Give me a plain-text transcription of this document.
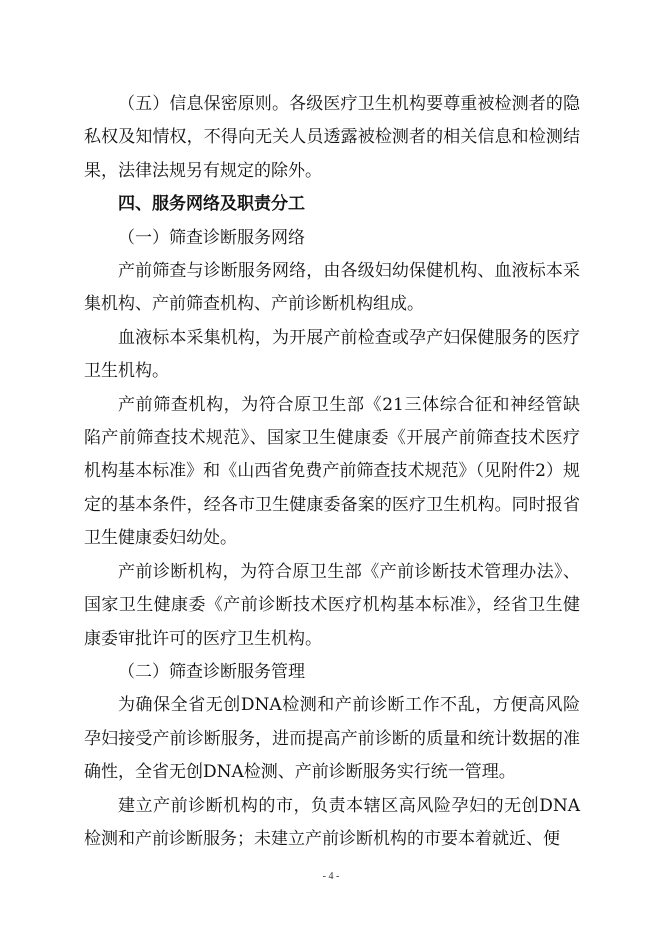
（五）信息保密原则。各级医疗卫生机构要尊重被检测者的隐私权及知情权，不得向无关人员透露被检测者的相关信息和检测结果，法律法规另有规定的除外。

四、服务网络及职责分工

（一）筛查诊断服务网络

产前筛查与诊断服务网络，由各级妇幼保健机构、血液标本采集机构、产前筛查机构、产前诊断机构组成。

血液标本采集机构，为开展产前检查或孕产妇保健服务的医疗卫生机构。

产前筛查机构，为符合原卫生部《21三体综合征和神经管缺陷产前筛查技术规范》、国家卫生健康委《开展产前筛查技术医疗机构基本标准》和《山西省免费产前筛查技术规范》（见附件2）规定的基本条件，经各市卫生健康委备案的医疗卫生机构。同时报省卫生健康委妇幼处。

产前诊断机构，为符合原卫生部《产前诊断技术管理办法》、国家卫生健康委《产前诊断技术医疗机构基本标准》，经省卫生健康委审批许可的医疗卫生机构。

（二）筛查诊断服务管理

为确保全省无创DNA检测和产前诊断工作不乱，方便高风险孕妇接受产前诊断服务，进而提高产前诊断的质量和统计数据的准确性，全省无创DNA检测、产前诊断服务实行统一管理。

建立产前诊断机构的市，负责本辖区高风险孕妇的无创DNA检测和产前诊断服务；未建立产前诊断机构的市要本着就近、便

- 4 -
